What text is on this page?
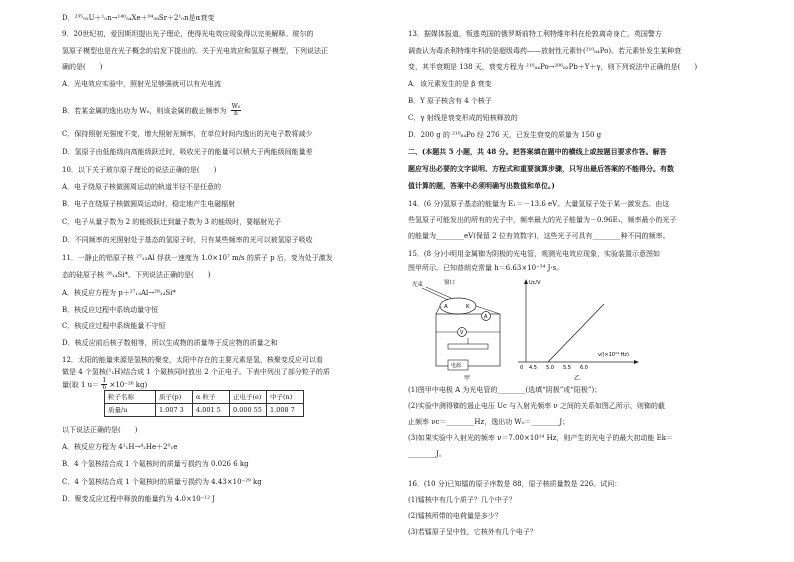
D．²³⁵₉₂U＋¹₀n→¹⁴⁰₅₄Xe＋⁹⁴₃₈Sr＋2¹₀n是α衰变
9．20世纪初，爱因斯坦提出光子理论，使得光电效应现象得以完美解释。玻尔的
氢原子模型也是在光子概念的启发下提出的。关于光电效应和氢原子模型，下列说法正
确的是(　　)
A．光电效应实验中，照射光足够强就可以有光电流
B．若某金属的逸出功为 W₀，则该金属的截止频率为 $\frac{\text{W₀}}{h}$
C．保持照射光强度不变，增大照射光频率，在单位时间内逸出的光电子数将减少
D．氢原子由低能级向高能级跃迁时，吸收光子的能量可以稍大于两能级间能量差
10．以下关于玻尔原子理论的说法正确的是(　　)
A．电子绕原子核做圆周运动的轨道半径不是任意的
B．电子在绕原子核做圆周运动时，稳定地产生电磁辐射
C．电子从量子数为 2 的能级跃迁到量子数为 3 的能级时，要辐射光子
D．不同频率的光照射处于基态的氢原子时，只有某些频率的光可以被氢原子吸收
11．一静止的铝原子核 ²⁷₁₃Al 俘获一速度为 1.0×10⁷ m/s 的质子 p 后，变为处于激发
态的硅原子核 ²⁸₁₄Si*。下列说法正确的是(　　)
A．核反应方程为 p＋²⁷₁₃Al→²⁸₁₄Si*
B．核反应过程中系统动量守恒
C．核反应过程中系统能量不守恒
D．核反应前后核子数相等，所以生成物的质量等于反应物的质量之和
12．太阳的能量来源是氢核的聚变，太阳中存在的主要元素是氢，核聚变反应可以看
做是 4 个氢核(¹₁H)结合成 1 个氦核同时放出 2 个正电子。下表中列出了部分粒子的质
量(取 1 $u= \frac{1}{6} \times 10^{-26}$ kg)
粒子名称	质子(p)	α 粒子	正电子(e)	中子(n)
质量/u	1.007 3	4.001 5	0.000 55	1.008 7
以下说法正确的是(　　)
A．核反应方程为 4¹₁H→⁴₂He＋2⁰₁e
B．4 个氢核结合成 1 个氦核时的质量亏损约为 0.026 6 kg
C．4 个氢核结合成 1 个氦核时的质量亏损约为 4.43×10⁻²⁹ kg
D．聚变反应过程中释放的能量约为 4.0×10⁻¹² J
13．据媒体报道，叛逃英国的俄罗斯前特工利特维年科在伦敦离奇身亡，英国警方
调查认为毒杀利特维年科的是超级毒药——放射性元素钋(²¹⁰₈₄Po)。若元素钋发生某种衰
变，其半衰期是 138 天，衰变方程为 ²¹⁰₈₄Po→²⁰⁶₈₂Pb＋Y＋γ，则下列说法中正确的是(　　)
A．该元素发生的是 β 衰变
B．Y 原子核含有 4 个核子
C．γ 射线是衰变形成的铅核释放的
D．200 g 的 ²¹⁰₈₄Po 经 276 天，已发生衰变的质量为 150 g
二、(本题共 5 小题，共 48 分。把答案填在题中的横线上或按题目要求作答。解答
题应写出必要的文字说明、方程式和重要演算步骤，只写出最后答案的不能得分。有数
值计算的题，答案中必须明确写出数值和单位。)
14．(6 分)氢原子基态的能量为 E₁＝－13.6 eV。大量氢原子处于某一激发态。由这
些氢原子可能发出的所有的光子中，频率最大的光子能量为－0.96E₁，频率最小的光子
的能量为________eV(保留 2 位有效数字)，这些光子可具有________种不同的频率。
15．(8 分)小明用金属铷为阴极的光电管，观测光电效应现象，实验装置示意图如
图甲所示。已知普朗克常量 h＝6.63×10⁻³⁴ J·s。
光束	窗口
A	K
A
V
电源
甲
Uc/V
ν/(×10¹⁴ Hz)
0 4.5 5.0 5.5 6.0
乙
(1)图甲中电极 A 为光电管的________(选填“阴极”或“阳极”)；
(2)实验中测得铷的遏止电压 Uc 与入射光频率 ν 之间的关系如图乙所示，则铷的截
止频率 νc＝________Hz，逸出功 W₀＝________J；
(3)如果实验中入射光的频率 ν＝7.00×10¹⁴ Hz，则产生的光电子的最大初动能 Ek＝
________J。
16．(10 分)已知镭的原子序数是 88，原子核质量数是 226。试问：
(1)镭核中有几个质子？几个中子？
(2)镭核所带的电荷量是多少？
(3)若镭原子呈中性，它核外有几个电子？
